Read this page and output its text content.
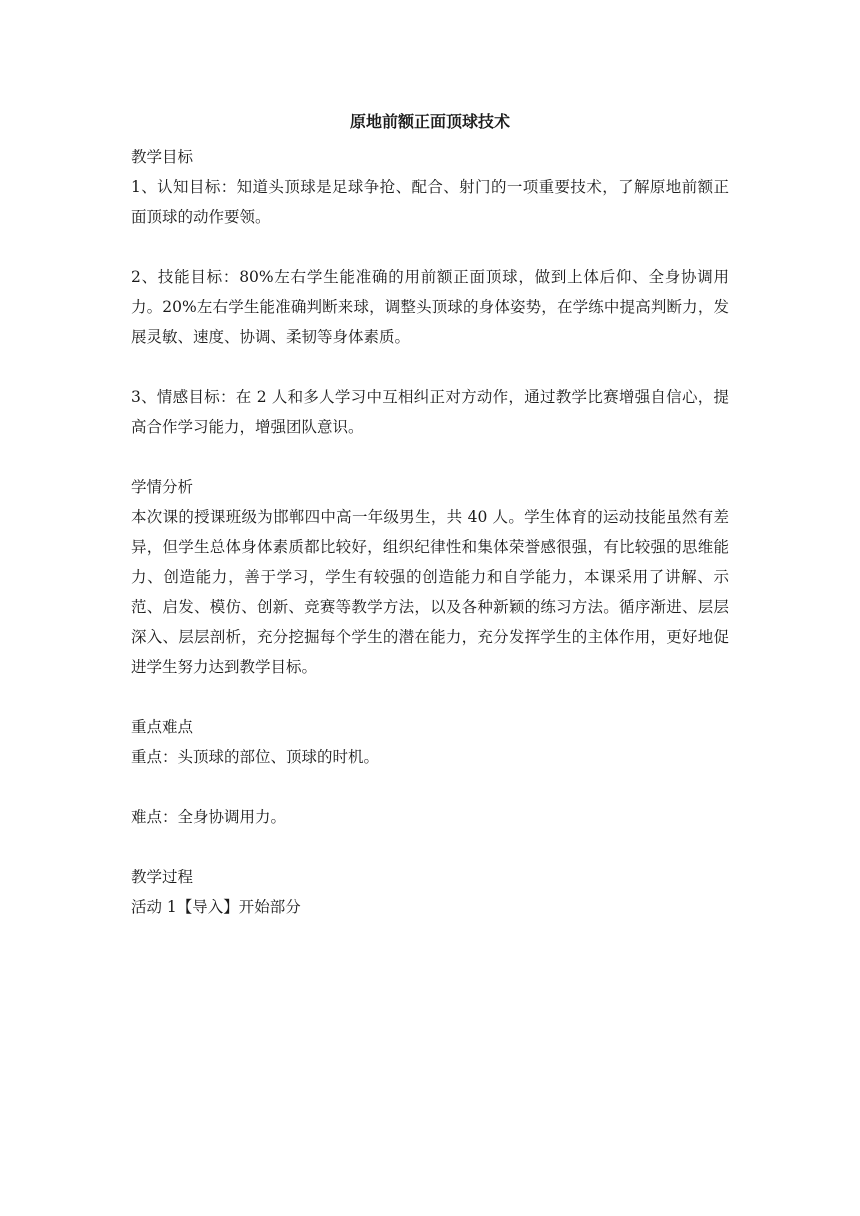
原地前额正面顶球技术

教学目标

1、认知目标：知道头顶球是足球争抢、配合、射门的一项重要技术，了解原地前额正面顶球的动作要领。

2、技能目标：80%左右学生能准确的用前额正面顶球，做到上体后仰、全身协调用力。20%左右学生能准确判断来球，调整头顶球的身体姿势，在学练中提高判断力，发展灵敏、速度、协调、柔韧等身体素质。

3、情感目标：在 2 人和多人学习中互相纠正对方动作，通过教学比赛增强自信心，提高合作学习能力，增强团队意识。

学情分析

本次课的授课班级为邯郸四中高一年级男生，共 40 人。学生体育的运动技能虽然有差异，但学生总体身体素质都比较好，组织纪律性和集体荣誉感很强，有比较强的思维能力、创造能力，善于学习，学生有较强的创造能力和自学能力，本课采用了讲解、示范、启发、模仿、创新、竞赛等教学方法，以及各种新颖的练习方法。循序渐进、层层深入、层层剖析，充分挖掘每个学生的潜在能力，充分发挥学生的主体作用，更好地促进学生努力达到教学目标。

重点难点

重点：头顶球的部位、顶球的时机。

难点：全身协调用力。

教学过程

活动 1【导入】开始部分
